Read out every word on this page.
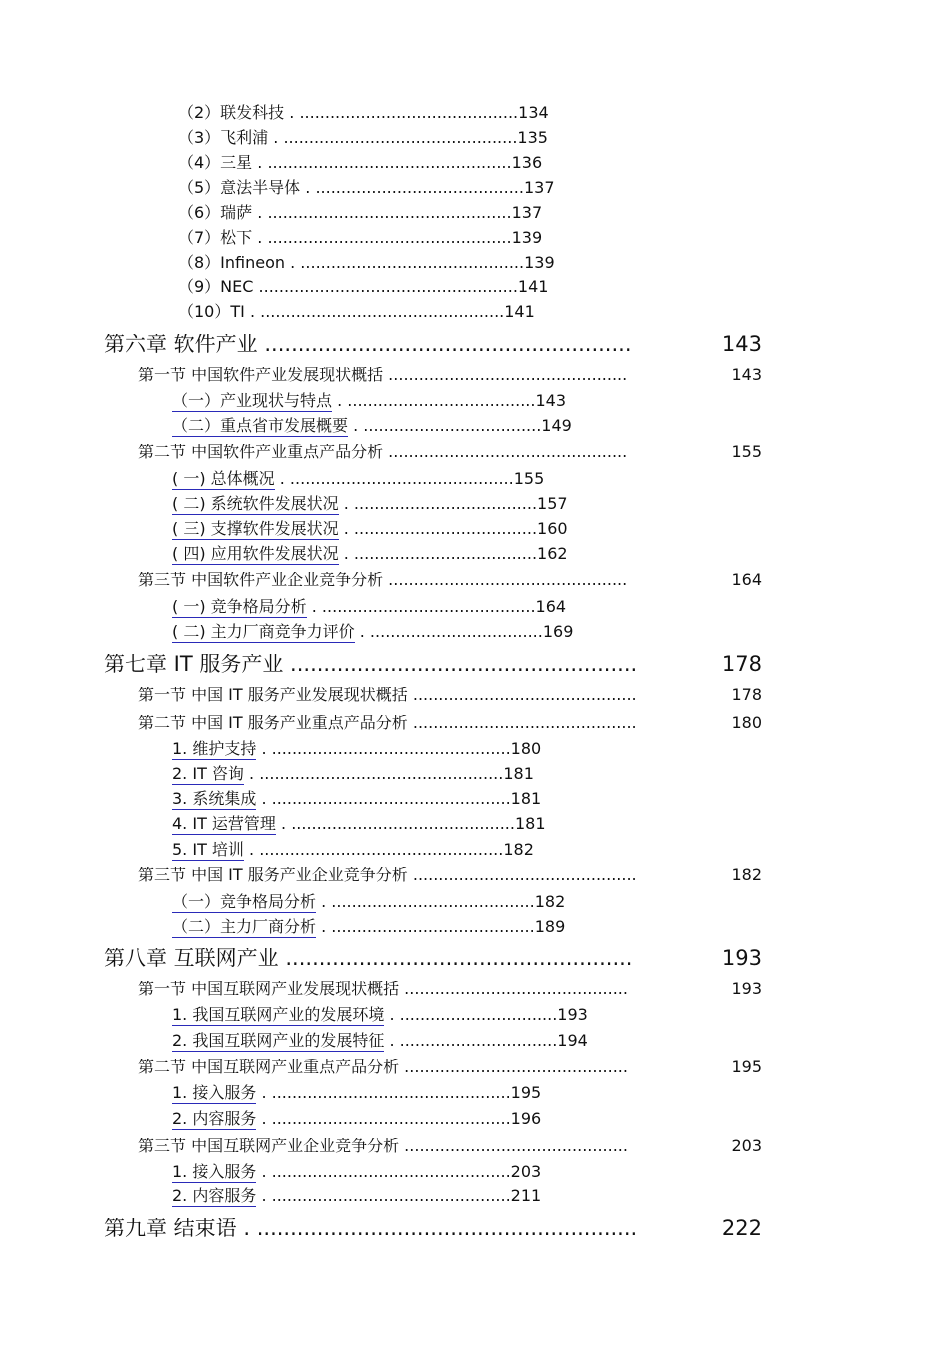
（2）联发科技 . ...........................................134
（3）飞利浦 . ..............................................135
（4）三星 . ................................................136
（5）意法半导体 . .........................................137
（6）瑞萨 . ................................................137
（7）松下 . ................................................139
（8）Infineon . ............................................139
（9）NEC ...................................................141
（10）TI . ................................................141
第六章 软件产业 .......................................................	143
第一节 中国软件产业发展现状概括 ...............................................	143
（一）产业现状与特点 . .....................................143
（二）重点省市发展概要 . ...................................149
第二节 中国软件产业重点产品分析 ...............................................	155
( 一) 总体概况 . ............................................155
( 二) 系统软件发展状况 . ....................................157
( 三) 支撑软件发展状况 . ....................................160
( 四) 应用软件发展状况 . ....................................162
第三节 中国软件产业企业竞争分析 ...............................................	164
( 一) 竞争格局分析 . ..........................................164
( 二) 主力厂商竞争力评价 . ..................................169
第七章 IT 服务产业 ....................................................	178
第一节 中国 IT 服务产业发展现状概括 ............................................	178
第二节 中国 IT 服务产业重点产品分析 ............................................	180
1. 维护支持 . ...............................................180
2. IT 咨询 . ................................................181
3. 系统集成 . ...............................................181
4. IT 运营管理 . ............................................181
5. IT 培训 . ................................................182
第三节 中国 IT 服务产业企业竞争分析 ............................................	182
（一）竞争格局分析 . ........................................182
（二）主力厂商分析 . ........................................189
第八章 互联网产业 ....................................................	193
第一节 中国互联网产业发展现状概括 ............................................	193
1. 我国互联网产业的发展环境 . ...............................193
2. 我国互联网产业的发展特征 . ...............................194
第二节 中国互联网产业重点产品分析 ............................................	195
1. 接入服务 . ...............................................195
2. 内容服务 . ...............................................196
第三节 中国互联网产业企业竞争分析 ............................................	203
1. 接入服务 . ...............................................203
2. 内容服务 . ...............................................211
第九章 结束语 . .........................................................	222
